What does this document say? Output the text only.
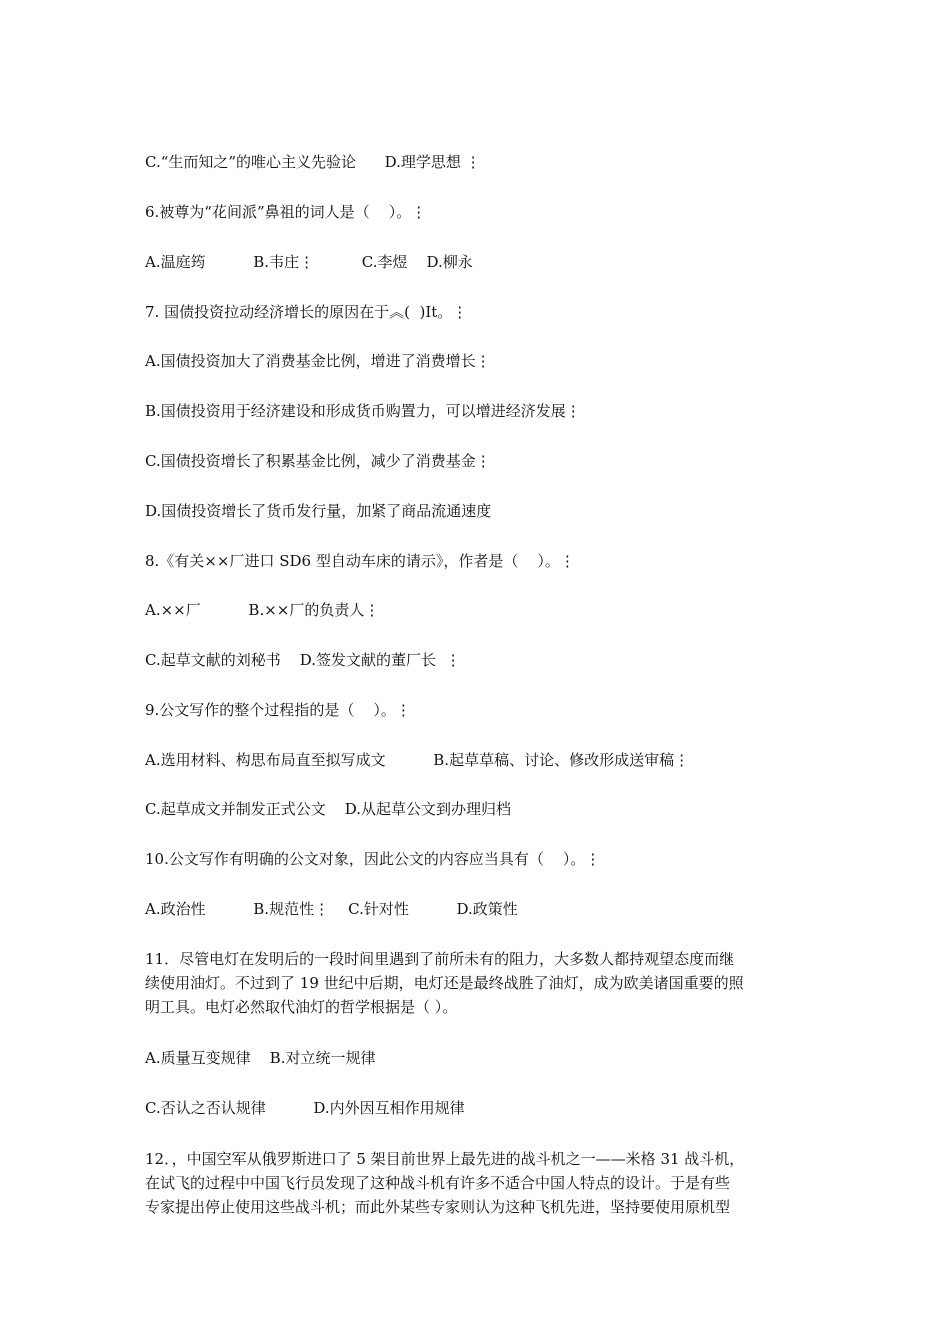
C.“生而知之”的唯心主义先验论      D.理学思想 ⋮
6.被尊为“花间派”鼻祖的词人是（    ）。⋮
A.温庭筠          B.韦庄⋮          C.李煜    D.柳永
7. 国债投资拉动经济增长的原因在于︽(  )It。⋮
A.国债投资加大了消费基金比例，增进了消费增长⋮
B.国债投资用于经济建设和形成货币购置力，可以增进经济发展⋮
C.国债投资增长了积累基金比例，减少了消费基金⋮
D.国债投资增长了货币发行量，加紧了商品流通速度
8.《有关××厂进口 SD6 型自动车床的请示》，作者是（    ）。⋮
A.××厂          B.××厂的负责人⋮
C.起草文献的刘秘书    D.签发文献的董厂长  ⋮
9.公文写作的整个过程指的是（    ）。⋮
A.选用材料、构思布局直至拟写成文          B.起草草稿、讨论、修改形成送审稿⋮
C.起草成文并制发正式公文    D.从起草公文到办理归档
10.公文写作有明确的公文对象，因此公文的内容应当具有（    ）。⋮
A.政治性          B.规范性⋮    C.针对性          D.政策性
11．尽管电灯在发明后的一段时间里遇到了前所未有的阻力，大多数人都持观望态度而继
续使用油灯。不过到了 19 世纪中后期，电灯还是最终战胜了油灯，成为欧美诸国重要的照
明工具。电灯必然取代油灯的哲学根据是（ ）。
A.质量互变规律    B.对立统一规律
C.否认之否认规律          D.内外因互相作用规律
12．，中国空军从俄罗斯进口了 5 架目前世界上最先进的战斗机之一——米格 31 战斗机，
在试飞的过程中中国飞行员发现了这种战斗机有许多不适合中国人特点的设计。于是有些
专家提出停止使用这些战斗机；而此外某些专家则认为这种飞机先进，坚持要使用原机型
